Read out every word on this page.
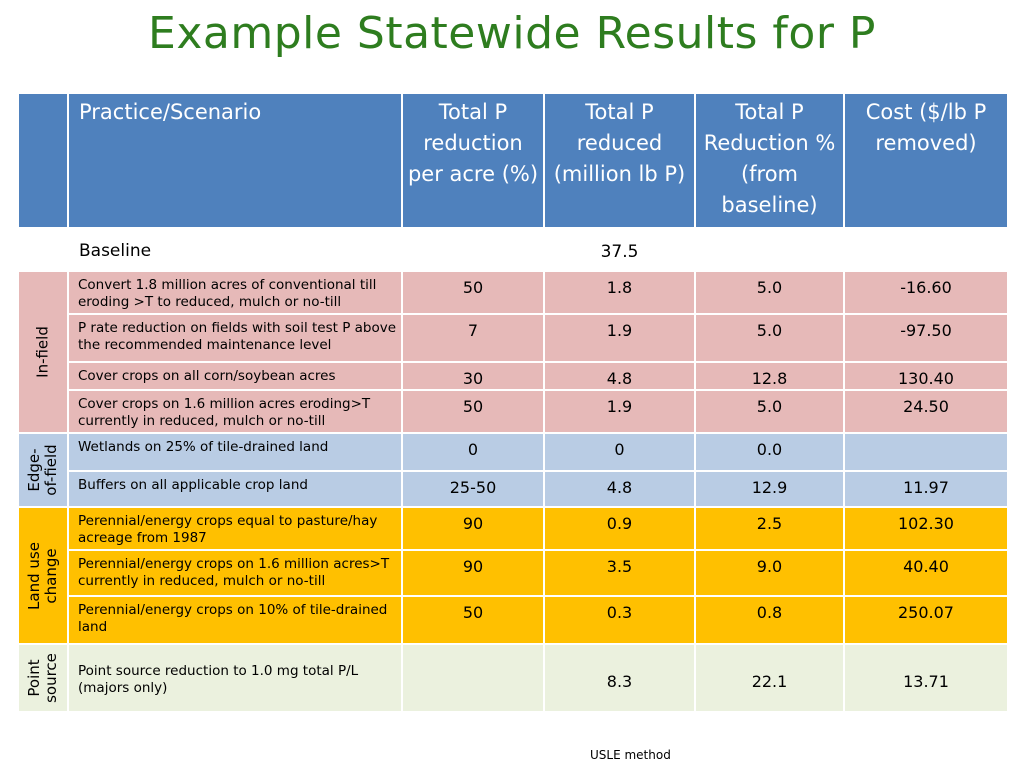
Example Statewide Results for P
	Practice/Scenario	Total P reduction per acre (%)	Total P reduced (million lb P)	Total P Reduction % (from baseline)	Cost ($/lb P removed)
	Baseline		37.5		

In-field	Convert 1.8 million acres of conventional till eroding >T to reduced, mulch or no-till	50	1.8	5.0	-16.60
	P rate reduction on fields with soil test P above the recommended maintenance level	7	1.9	5.0	-97.50
	Cover crops on all corn/soybean acres	30	4.8	12.8	130.40
	Cover crops on 1.6 million acres eroding>T currently in reduced, mulch or no-till	50	1.9	5.0	24.50

Edge-
of-field	Wetlands on 25% of tile-drained land	0	0	0.0	
	Buffers on all applicable crop land	25-50	4.8	12.9	11.97

Land use
change	Perennial/energy crops equal to pasture/hay acreage from 1987	90	0.9	2.5	102.30
	Perennial/energy crops on 1.6 million acres>T currently in reduced, mulch or no-till	90	3.5	9.0	40.40
	Perennial/energy crops on 10% of tile-drained land	50	0.3	0.8	250.07

Point
source	Point source reduction to 1.0 mg total P/L (majors only)		8.3	22.1	13.71
USLE method
